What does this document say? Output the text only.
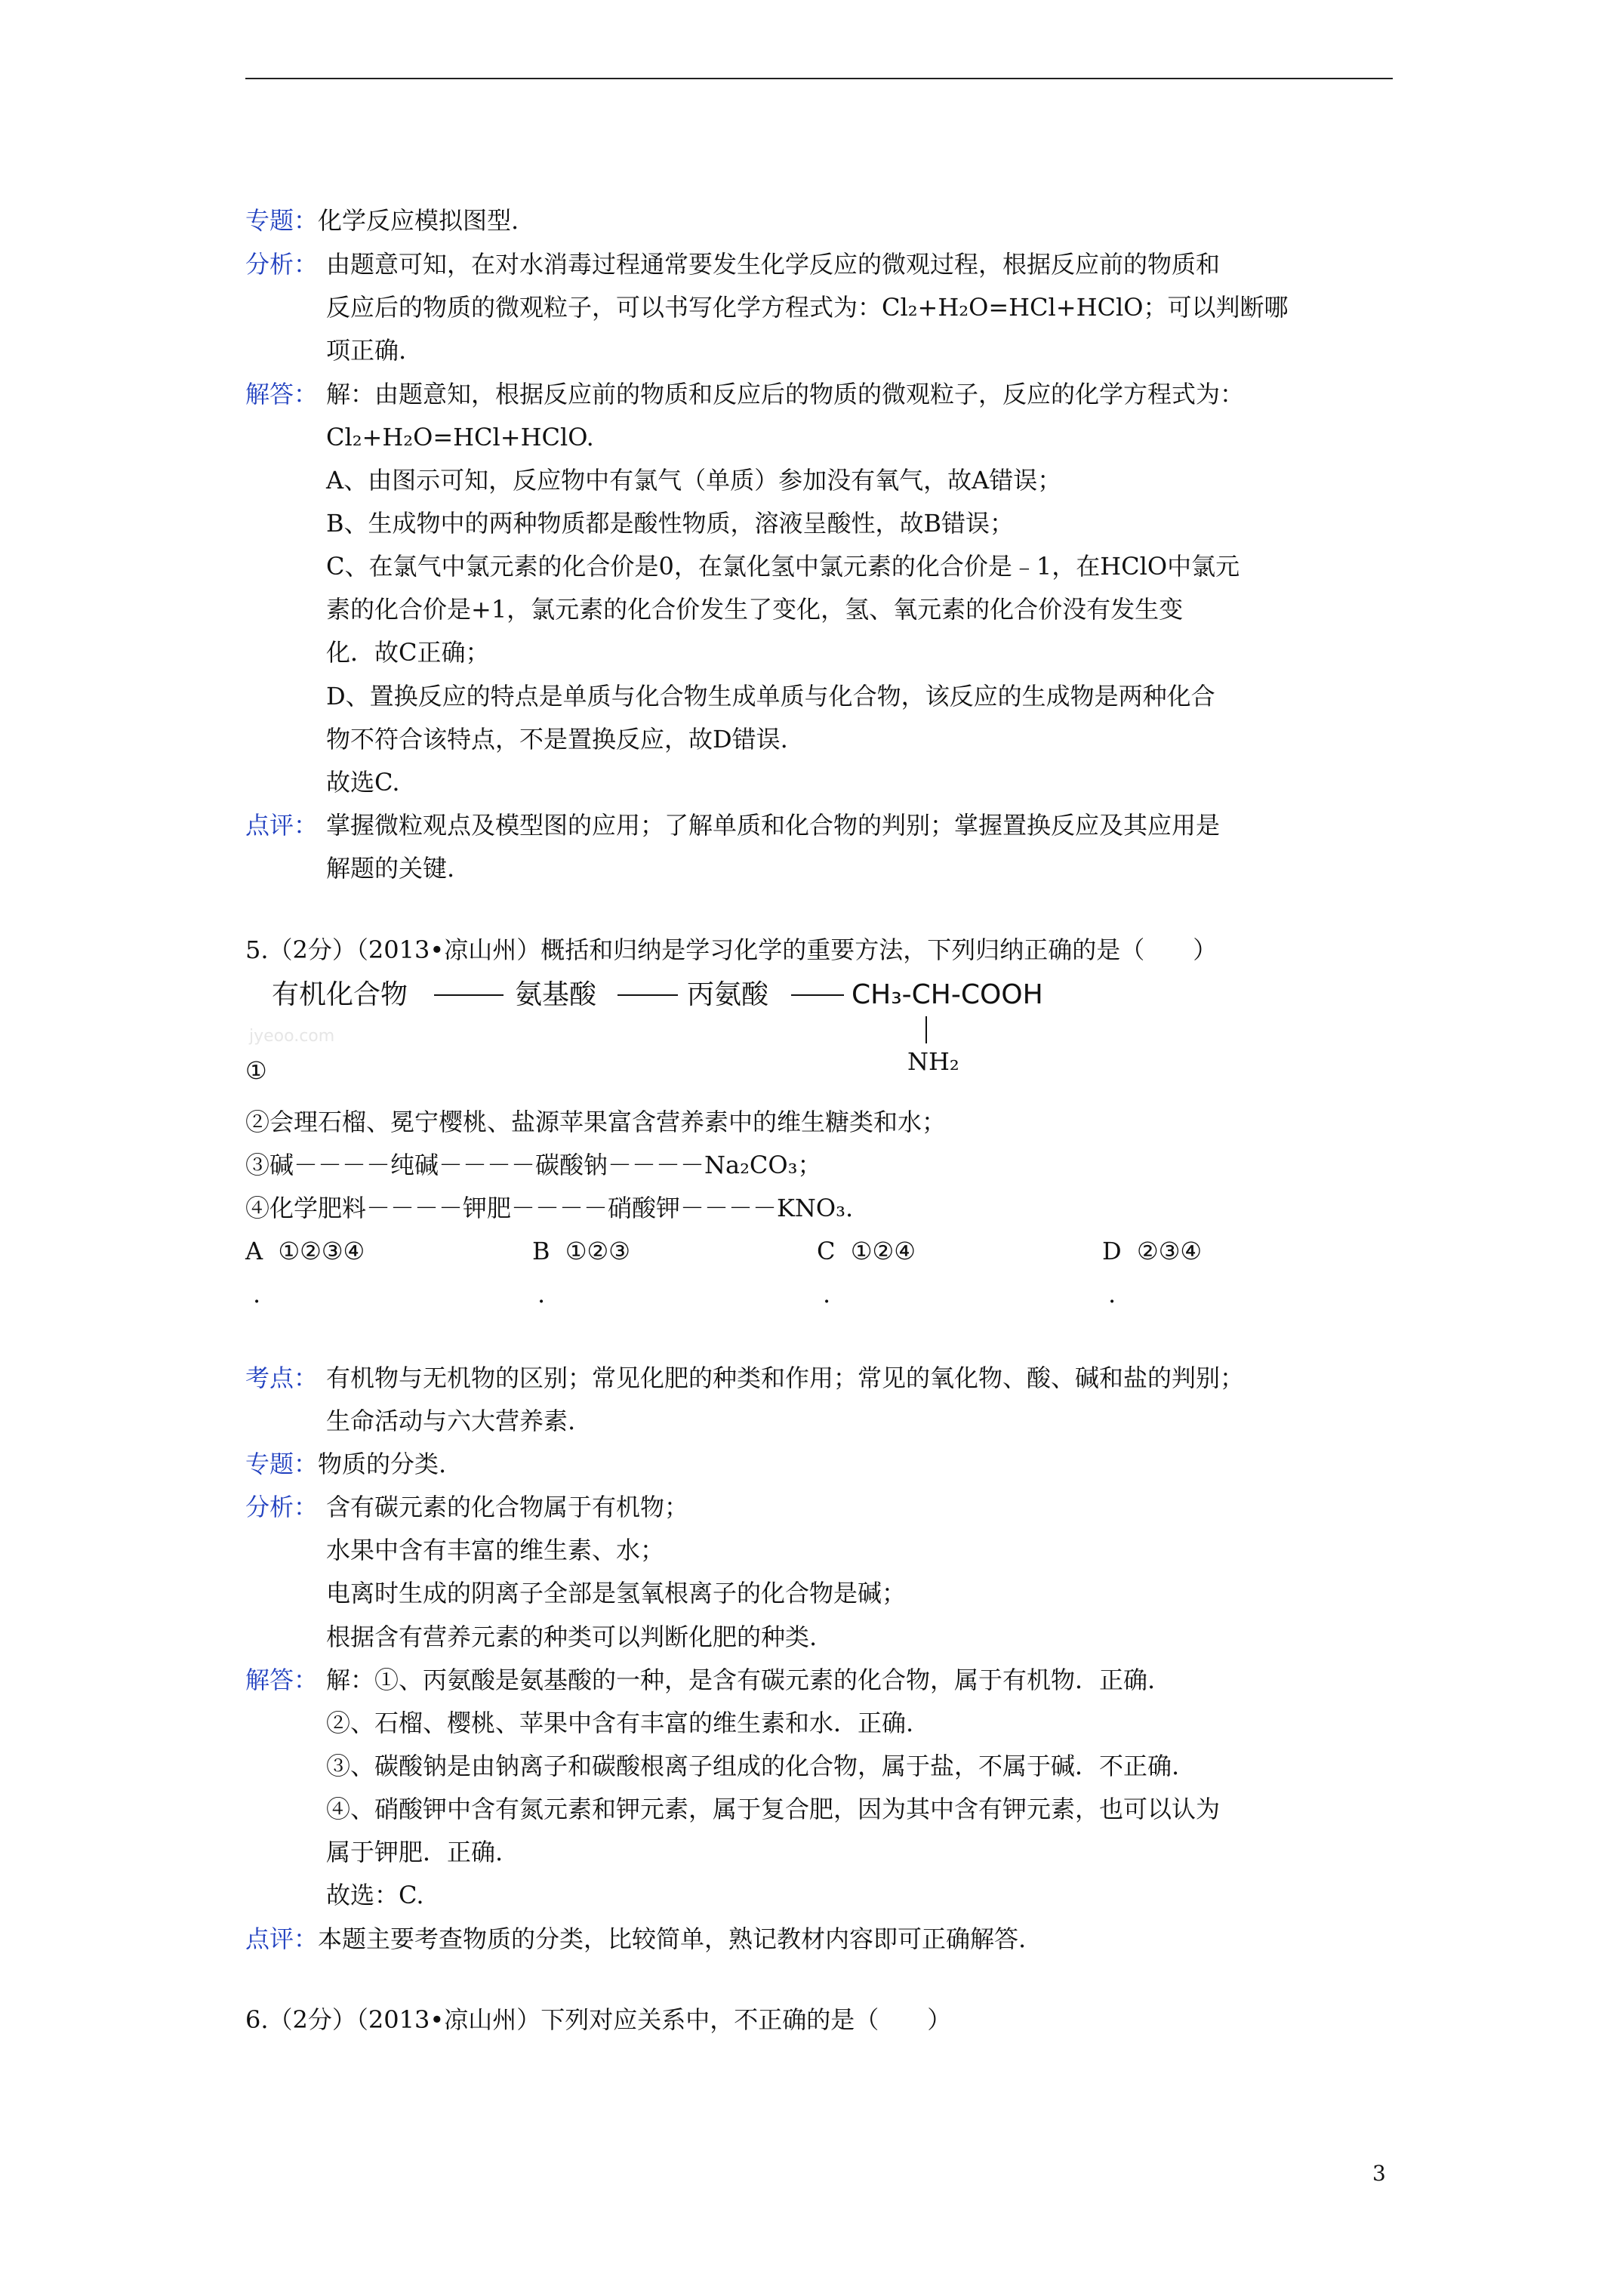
专题：化学反应模拟图型.
分析： 由题意可知，在对水消毒过程通常要发生化学反应的微观过程，根据反应前的物质和
反应后的物质的微观粒子，可以书写化学方程式为：Cl₂+H₂O=HCl+HClO；可以判断哪
项正确.
解答： 解：由题意知，根据反应前的物质和反应后的物质的微观粒子，反应的化学方程式为：
Cl₂+H₂O=HCl+HClO.
A、由图示可知，反应物中有氯气（单质）参加没有氧气，故A错误；
B、生成物中的两种物质都是酸性物质，溶液呈酸性，故B错误；
C、在氯气中氯元素的化合价是0，在氯化氢中氯元素的化合价是﹣1，在HClO中氯元
素的化合价是+1，氯元素的化合价发生了变化，氢、氧元素的化合价没有发生变
化．故C正确；
D、置换反应的特点是单质与化合物生成单质与化合物，该反应的生成物是两种化合
物不符合该特点，不是置换反应，故D错误.
故选C.
点评： 掌握微粒观点及模型图的应用；了解单质和化合物的判别；掌握置换反应及其应用是
解题的关键.
5.（2分）（2013•凉山州）概括和归纳是学习化学的重要方法，下列归纳正确的是（　　）
有机化合物	氨基酸	丙氨酸	CH₃-CH-COOH
NH₂
jyeoo.com
①
②会理石榴、冕宁樱桃、盐源苹果富含营养素中的维生糖类和水；
③碱－－－－纯碱－－－－碳酸钠－－－－Na₂CO₃；
④化学肥料－－－－钾肥－－－－硝酸钾－－－－KNO₃.
A ①②③④	B ①②③	C ①②④	D ②③④
.	.	.	.
考点： 有机物与无机物的区别；常见化肥的种类和作用；常见的氧化物、酸、碱和盐的判别；
生命活动与六大营养素.
专题：物质的分类.
分析： 含有碳元素的化合物属于有机物；
水果中含有丰富的维生素、水；
电离时生成的阴离子全部是氢氧根离子的化合物是碱；
根据含有营养元素的种类可以判断化肥的种类.
解答： 解：①、丙氨酸是氨基酸的一种，是含有碳元素的化合物，属于有机物．正确.
②、石榴、樱桃、苹果中含有丰富的维生素和水．正确.
③、碳酸钠是由钠离子和碳酸根离子组成的化合物，属于盐，不属于碱．不正确.
④、硝酸钾中含有氮元素和钾元素，属于复合肥，因为其中含有钾元素，也可以认为
属于钾肥．正确.
故选：C.
点评：本题主要考查物质的分类，比较简单，熟记教材内容即可正确解答.
6.（2分）（2013•凉山州）下列对应关系中，不正确的是（　　）
3
